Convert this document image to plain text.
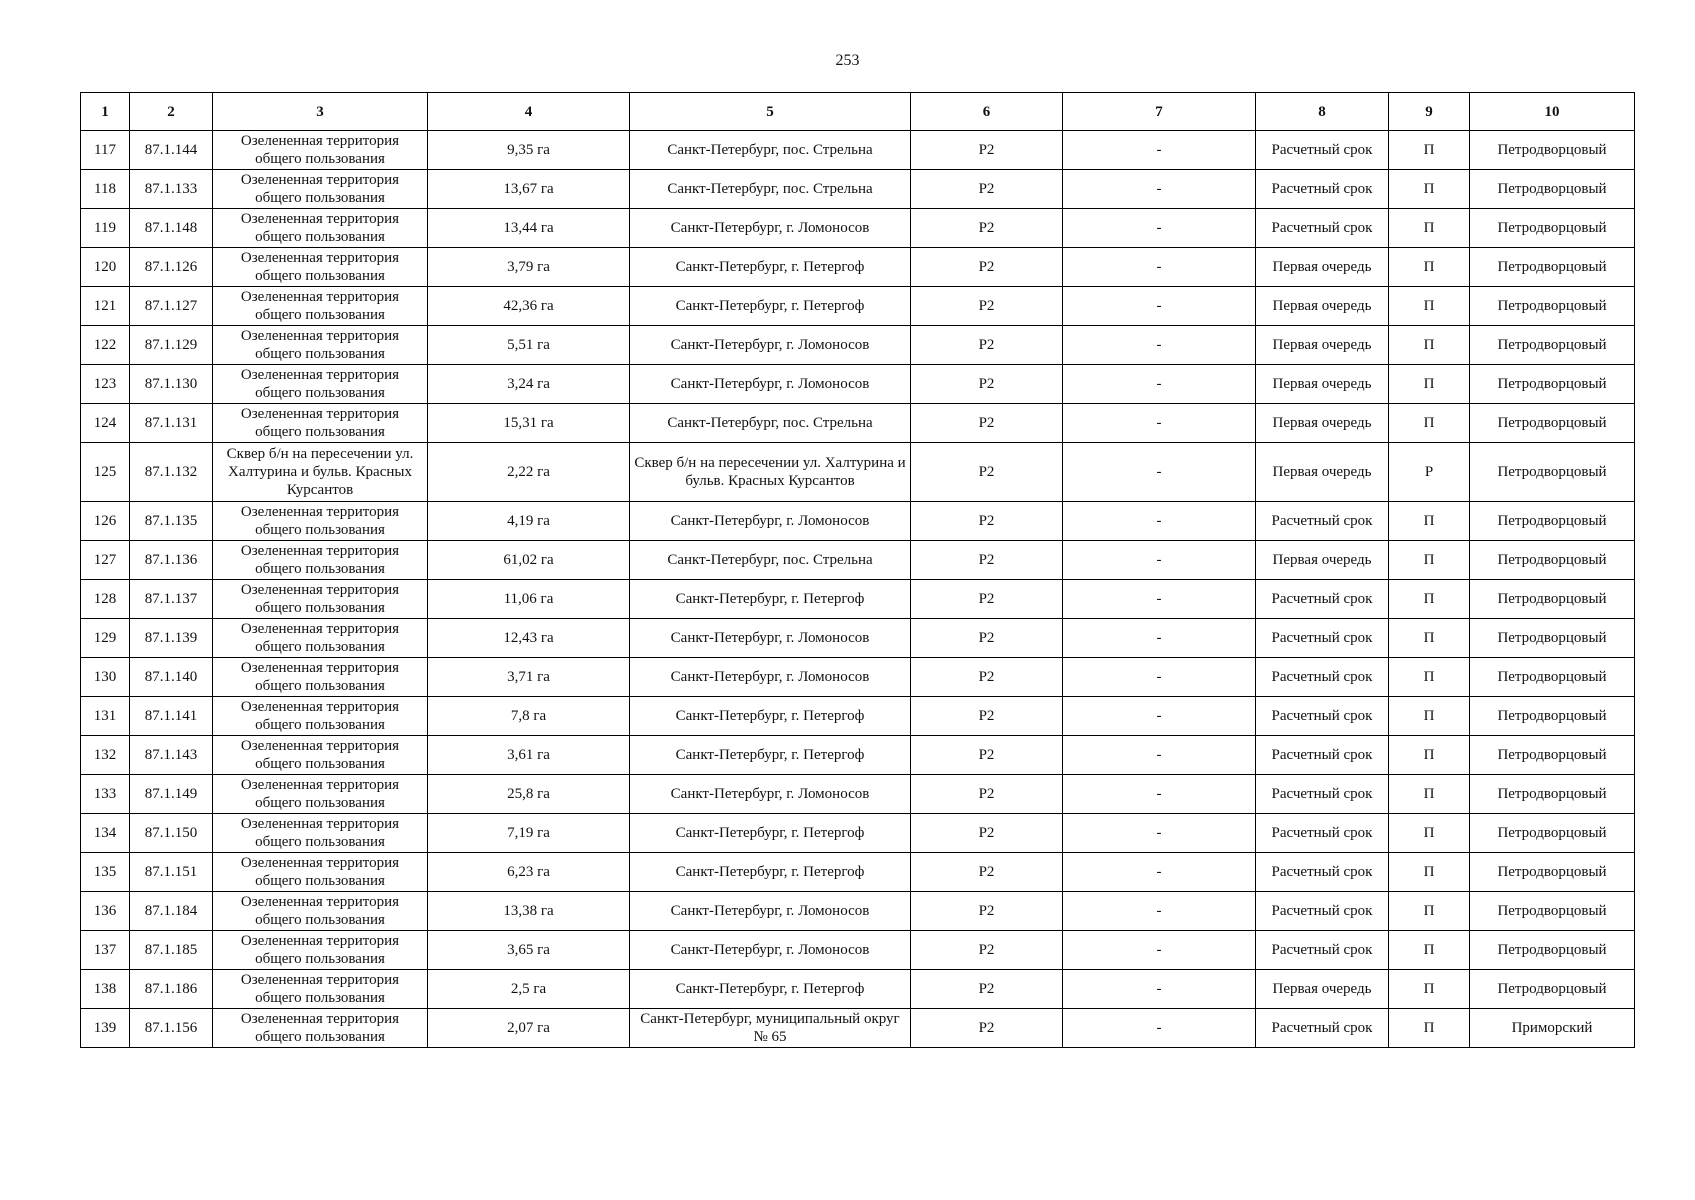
253
1	2	3	4	5	6	7	8	9	10
117	87.1.144	Озелененная территория общего пользования	9,35 га	Санкт-Петербург, пос. Стрельна	Р2	-	Расчетный срок	П	Петродворцовый
118	87.1.133	Озелененная территория общего пользования	13,67 га	Санкт-Петербург, пос. Стрельна	Р2	-	Расчетный срок	П	Петродворцовый
119	87.1.148	Озелененная территория общего пользования	13,44 га	Санкт-Петербург, г. Ломоносов	Р2	-	Расчетный срок	П	Петродворцовый
120	87.1.126	Озелененная территория общего пользования	3,79 га	Санкт-Петербург, г. Петергоф	Р2	-	Первая очередь	П	Петродворцовый
121	87.1.127	Озелененная территория общего пользования	42,36 га	Санкт-Петербург, г. Петергоф	Р2	-	Первая очередь	П	Петродворцовый
122	87.1.129	Озелененная территория общего пользования	5,51 га	Санкт-Петербург, г. Ломоносов	Р2	-	Первая очередь	П	Петродворцовый
123	87.1.130	Озелененная территория общего пользования	3,24 га	Санкт-Петербург, г. Ломоносов	Р2	-	Первая очередь	П	Петродворцовый
124	87.1.131	Озелененная территория общего пользования	15,31 га	Санкт-Петербург, пос. Стрельна	Р2	-	Первая очередь	П	Петродворцовый
125	87.1.132	Сквер б/н на пересечении ул. Халтурина и бульв. Красных Курсантов	2,22 га	Сквер б/н на пересечении ул. Халтурина и бульв. Красных Курсантов	Р2	-	Первая очередь	Р	Петродворцовый
126	87.1.135	Озелененная территория общего пользования	4,19 га	Санкт-Петербург, г. Ломоносов	Р2	-	Расчетный срок	П	Петродворцовый
127	87.1.136	Озелененная территория общего пользования	61,02 га	Санкт-Петербург, пос. Стрельна	Р2	-	Первая очередь	П	Петродворцовый
128	87.1.137	Озелененная территория общего пользования	11,06 га	Санкт-Петербург, г. Петергоф	Р2	-	Расчетный срок	П	Петродворцовый
129	87.1.139	Озелененная территория общего пользования	12,43 га	Санкт-Петербург, г. Ломоносов	Р2	-	Расчетный срок	П	Петродворцовый
130	87.1.140	Озелененная территория общего пользования	3,71 га	Санкт-Петербург, г. Ломоносов	Р2	-	Расчетный срок	П	Петродворцовый
131	87.1.141	Озелененная территория общего пользования	7,8 га	Санкт-Петербург, г. Петергоф	Р2	-	Расчетный срок	П	Петродворцовый
132	87.1.143	Озелененная территория общего пользования	3,61 га	Санкт-Петербург, г. Петергоф	Р2	-	Расчетный срок	П	Петродворцовый
133	87.1.149	Озелененная территория общего пользования	25,8 га	Санкт-Петербург, г. Ломоносов	Р2	-	Расчетный срок	П	Петродворцовый
134	87.1.150	Озелененная территория общего пользования	7,19 га	Санкт-Петербург, г. Петергоф	Р2	-	Расчетный срок	П	Петродворцовый
135	87.1.151	Озелененная территория общего пользования	6,23 га	Санкт-Петербург, г. Петергоф	Р2	-	Расчетный срок	П	Петродворцовый
136	87.1.184	Озелененная территория общего пользования	13,38 га	Санкт-Петербург, г. Ломоносов	Р2	-	Расчетный срок	П	Петродворцовый
137	87.1.185	Озелененная территория общего пользования	3,65 га	Санкт-Петербург, г. Ломоносов	Р2	-	Расчетный срок	П	Петродворцовый
138	87.1.186	Озелененная территория общего пользования	2,5 га	Санкт-Петербург, г. Петергоф	Р2	-	Первая очередь	П	Петродворцовый
139	87.1.156	Озелененная территория общего пользования	2,07 га	Санкт-Петербург, муниципальный округ № 65	Р2	-	Расчетный срок	П	Приморский
